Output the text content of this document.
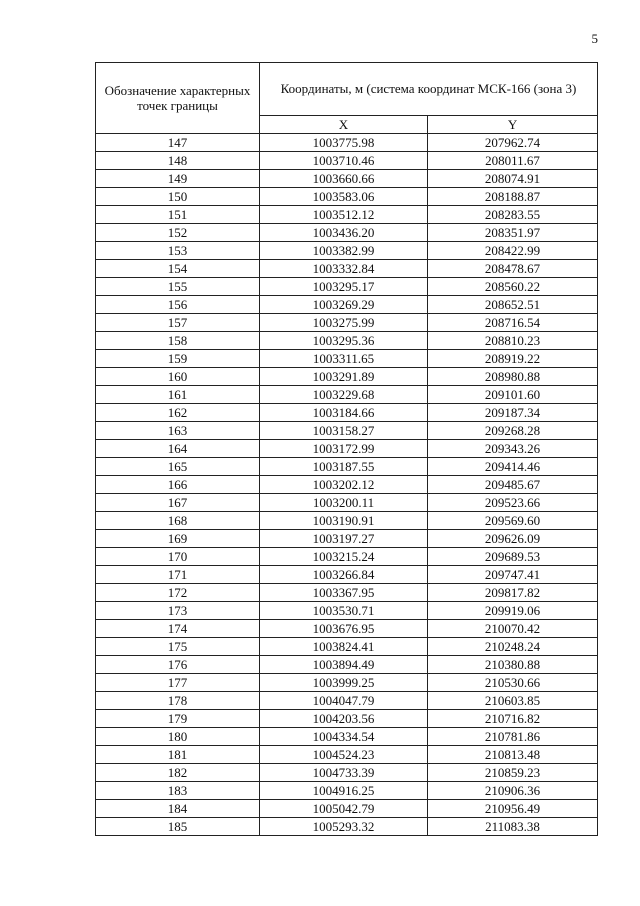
5
Обозначение характерных точек границы	Координаты, м (система координат МСК-166 (зона 3)	
	X	Y
147	1003775.98	207962.74
148	1003710.46	208011.67
149	1003660.66	208074.91
150	1003583.06	208188.87
151	1003512.12	208283.55
152	1003436.20	208351.97
153	1003382.99	208422.99
154	1003332.84	208478.67
155	1003295.17	208560.22
156	1003269.29	208652.51
157	1003275.99	208716.54
158	1003295.36	208810.23
159	1003311.65	208919.22
160	1003291.89	208980.88
161	1003229.68	209101.60
162	1003184.66	209187.34
163	1003158.27	209268.28
164	1003172.99	209343.26
165	1003187.55	209414.46
166	1003202.12	209485.67
167	1003200.11	209523.66
168	1003190.91	209569.60
169	1003197.27	209626.09
170	1003215.24	209689.53
171	1003266.84	209747.41
172	1003367.95	209817.82
173	1003530.71	209919.06
174	1003676.95	210070.42
175	1003824.41	210248.24
176	1003894.49	210380.88
177	1003999.25	210530.66
178	1004047.79	210603.85
179	1004203.56	210716.82
180	1004334.54	210781.86
181	1004524.23	210813.48
182	1004733.39	210859.23
183	1004916.25	210906.36
184	1005042.79	210956.49
185	1005293.32	211083.38
